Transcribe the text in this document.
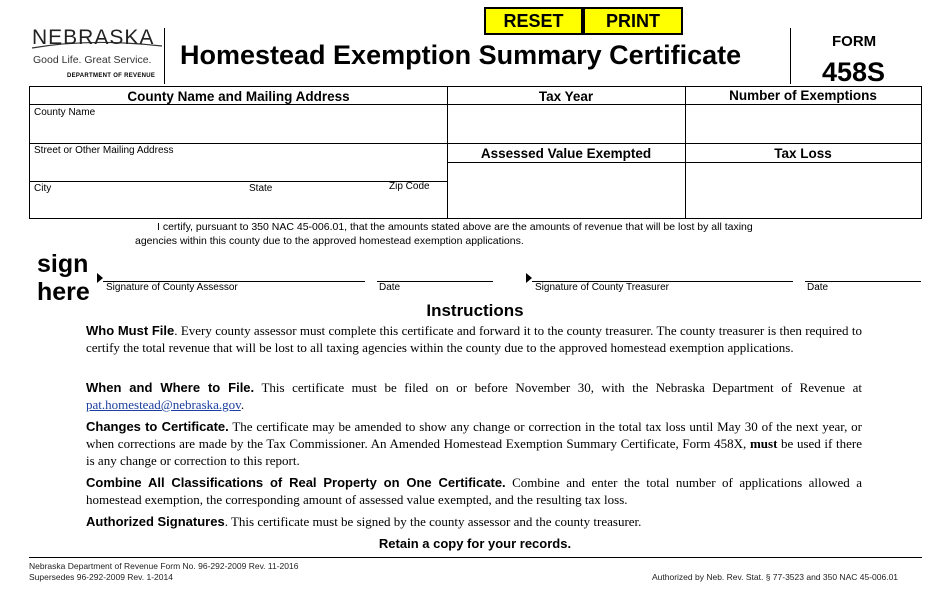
NEBRASKA
Good Life. Great Service.
DEPARTMENT OF REVENUE
RESET	PRINT
Homestead Exemption Summary Certificate	FORM
458S
County Name and Mailing Address	Tax Year	Number of Exemptions
Assessed Value Exempted	Tax Loss
County Name
Street or Other Mailing Address
City	State	Zip Code
I certify, pursuant to 350 NAC 45-006.01, that the amounts stated above are the amounts of revenue that will be lost by all taxing
agencies within this county due to the approved homestead exemption applications.
sign
here Signature of County Assessor	Date	Signature of County Treasurer	Date
Instructions
Who Must File. Every county assessor must complete this certificate and forward it to the county treasurer. The county treasurer is then required to certify the total revenue that will be lost to all taxing agencies within the county due to the approved homestead exemption applications.
When and Where to File. This certificate must be filed on or before November 30, with the Nebraska Department of Revenue at pat.homestead@nebraska.gov.
Changes to Certificate. The certificate may be amended to show any change or correction in the total tax loss until May 30 of the next year, or when corrections are made by the Tax Commissioner. An Amended Homestead Exemption Summary Certificate, Form 458X, must be used if there is any change or correction to this report.
Combine All Classifications of Real Property on One Certificate. Combine and enter the total number of applications allowed a homestead exemption, the corresponding amount of assessed value exempted, and the resulting tax loss.
Authorized Signatures. This certificate must be signed by the county assessor and the county treasurer.
Retain a copy for your records.
Nebraska Department of Revenue Form No. 96-292-2009 Rev. 11-2016
Supersedes 96-292-2009 Rev. 1-2014	Authorized by Neb. Rev. Stat. § 77-3523 and 350 NAC 45-006.01
